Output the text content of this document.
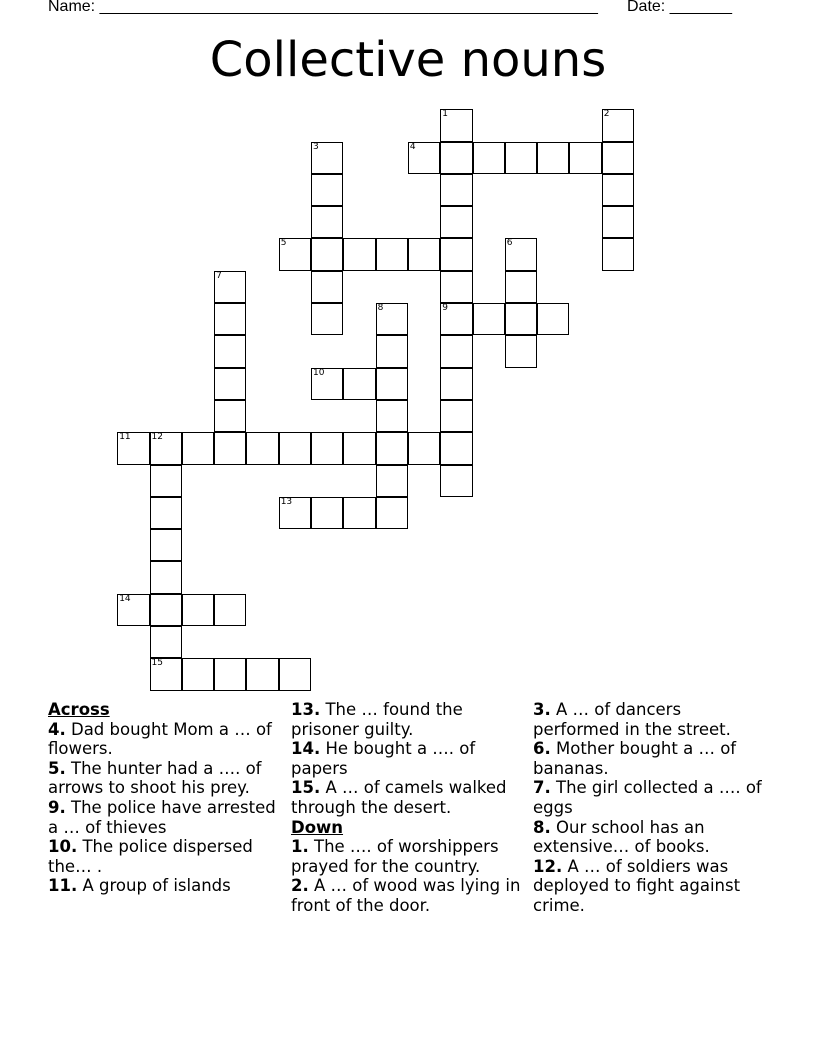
Name: ________________________________________________________ Date: _______
Collective nouns
1	2
3	4
5	6
7
8	9
10
11 12
13
14
15
Across
4. Dad bought Mom a … of flowers.
5. The hunter had a …. of arrows to shoot his prey.
9. The police have arrested a … of thieves
10. The police dispersed the… .
11. A group of islands
13. The … found the prisoner guilty.
14. He bought a …. of papers
15. A … of camels walked through the desert.
Down
1. The …. of worshippers prayed for the country.
2. A … of wood was lying in front of the door.
3. A … of dancers performed in the street.
6. Mother bought a … of bananas.
7. The girl collected a …. of eggs
8. Our school has an extensive… of books.
12. A … of soldiers was deployed to fight against crime.
